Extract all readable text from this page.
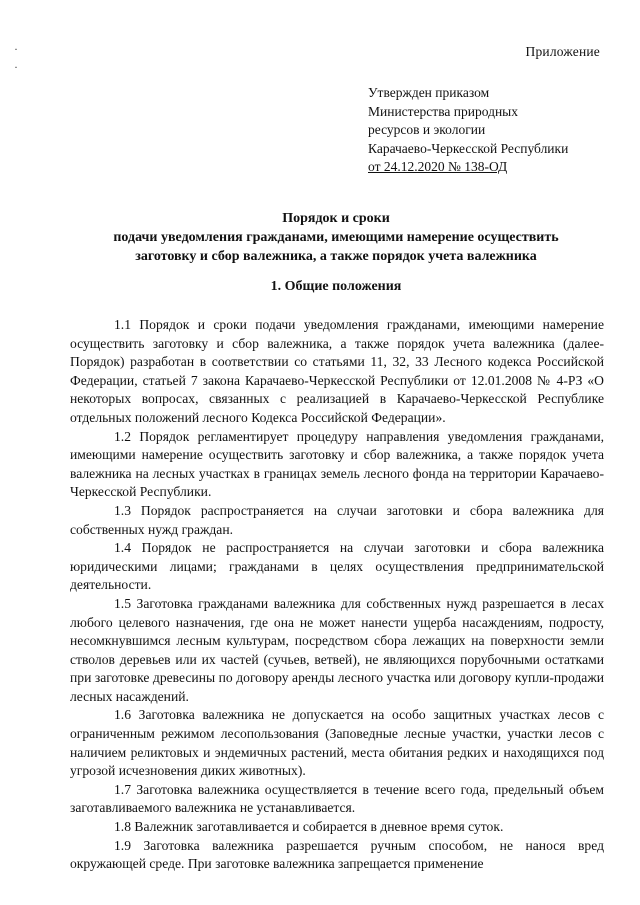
·
·
Приложение
Утвержден приказом
Министерства природных
ресурсов и экологии
Карачаево-Черкесской Республики
от 24.12.2020 № 138-ОД
Порядок и сроки
подачи уведомления гражданами, имеющими намерение осуществить
заготовку и сбор валежника, а также порядок учета валежника
1. Общие положения

1.1 Порядок и сроки подачи уведомления гражданами, имеющими намерение осуществить заготовку и сбор валежника, а также порядок учета валежника (далее- Порядок) разработан в соответствии со статьями 11, 32, 33 Лесного кодекса Российской Федерации, статьей 7 закона Карачаево-Черкесской Республики от 12.01.2008 № 4-РЗ «О некоторых вопросах, связанных с реализацией в Карачаево-Черкесской Республике отдельных положений лесного Кодекса Российской Федерации».

1.2 Порядок регламентирует процедуру направления уведомления гражданами, имеющими намерение осуществить заготовку и сбор валежника, а также порядок учета валежника на лесных участках в границах земель лесного фонда на территории Карачаево-Черкесской Республики.

1.3 Порядок распространяется на случаи заготовки и сбора валежника для собственных нужд граждан.

1.4 Порядок не распространяется на случаи заготовки и сбора валежника юридическими лицами; гражданами в целях осуществления предпринимательской деятельности.

1.5 Заготовка гражданами валежника для собственных нужд разрешается в лесах любого целевого назначения, где она не может нанести ущерба насаждениям, подросту, несомкнувшимся лесным культурам, посредством сбора лежащих на поверхности земли стволов деревьев или их частей (сучьев, ветвей), не являющихся порубочными остатками при заготовке древесины по договору аренды лесного участка или договору купли-продажи лесных насаждений.

1.6 Заготовка валежника не допускается на особо защитных участках лесов с ограниченным режимом лесопользования (Заповедные лесные участки, участки лесов с наличием реликтовых и эндемичных растений, места обитания редких и находящихся под угрозой исчезновения диких животных).

1.7 Заготовка валежника осуществляется в течение всего года, предельный объем заготавливаемого валежника не устанавливается.

1.8 Валежник заготавливается и собирается в дневное время суток.

1.9 Заготовка валежника разрешается ручным способом, не нанося вред окружающей среде. При заготовке валежника запрещается применение
